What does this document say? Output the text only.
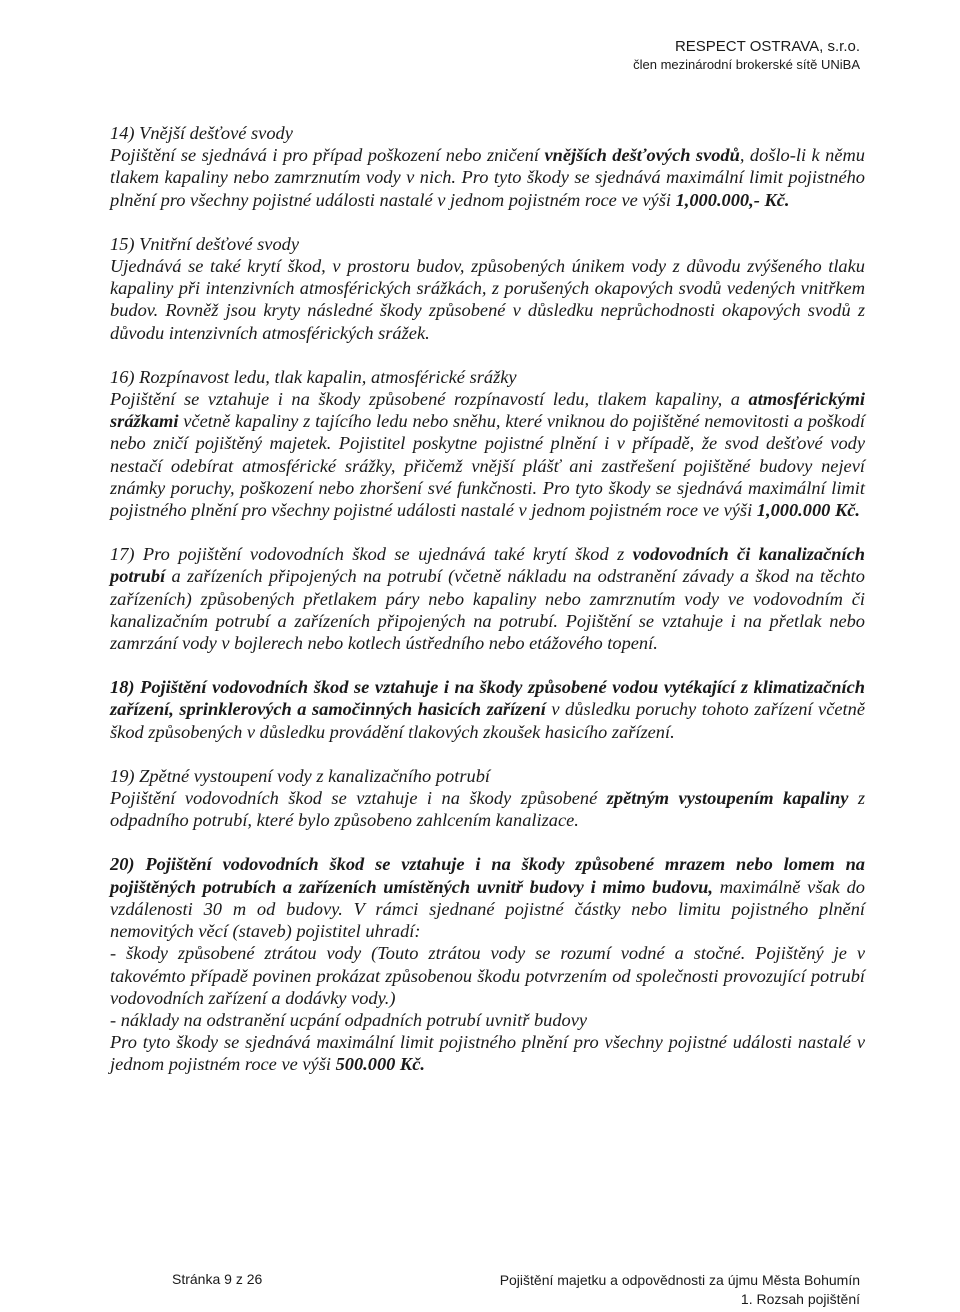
RESPECT OSTRAVA, s.r.o.
člen mezinárodní brokerské sítě UNiBA
14) Vnější dešťové svody

Pojištění se sjednává i pro případ poškození nebo zničení vnějších dešťových svodů, došlo-li k němu tlakem kapaliny nebo zamrznutím vody v nich. Pro tyto škody se sjednává maximální limit pojistného plnění pro všechny pojistné události nastalé v jednom pojistném roce ve výši 1,000.000,- Kč.

15) Vnitřní dešťové svody

Ujednává se také krytí škod, v prostoru budov, způsobených únikem vody z důvodu zvýšeného tlaku kapaliny při intenzivních atmosférických srážkách, z porušených okapových svodů vedených vnitřkem budov. Rovněž jsou kryty následné škody způsobené v důsledku neprůchodnosti okapových svodů z důvodu intenzivních atmosférických srážek.

16) Rozpínavost ledu, tlak kapalin, atmosférické srážky

Pojištění se vztahuje i na škody způsobené rozpínavostí ledu, tlakem kapaliny, a atmosférickými srážkami včetně kapaliny z tajícího ledu nebo sněhu, které vniknou do pojištěné nemovitosti a poškodí nebo zničí pojištěný majetek. Pojistitel poskytne pojistné plnění i v případě, že svod dešťové vody nestačí odebírat atmosférické srážky, přičemž vnější plášť ani zastřešení pojištěné budovy nejeví známky poruchy, poškození nebo zhoršení své funkčnosti. Pro tyto škody se sjednává maximální limit pojistného plnění pro všechny pojistné události nastalé v jednom pojistném roce ve výši 1,000.000 Kč.

17) Pro pojištění vodovodních škod se ujednává také krytí škod z vodovodních či kanalizačních potrubí a zařízeních připojených na potrubí (včetně nákladu na odstranění závady a škod na těchto zařízeních) způsobených přetlakem páry nebo kapaliny nebo zamrznutím vody ve vodovodním či kanalizačním potrubí a zařízeních připojených na potrubí. Pojištění se vztahuje i na přetlak nebo zamrzání vody v bojlerech nebo kotlech ústředního nebo etážového topení.

18) Pojištění vodovodních škod se vztahuje i na škody způsobené vodou vytékající z klimatizačních zařízení, sprinklerových a samočinných hasicích zařízení v důsledku poruchy tohoto zařízení včetně škod způsobených v důsledku provádění tlakových zkoušek hasicího zařízení.

19) Zpětné vystoupení vody z kanalizačního potrubí

Pojištění vodovodních škod se vztahuje i na škody způsobené zpětným vystoupením kapaliny z odpadního potrubí, které bylo způsobeno zahlcením kanalizace.

20) Pojištění vodovodních škod se vztahuje i na škody způsobené mrazem nebo lomem na pojištěných potrubích a zařízeních umístěných uvnitř budovy i mimo budovu, maximálně však do vzdálenosti 30 m od budovy. V rámci sjednané pojistné částky nebo limitu pojistného plnění nemovitých věcí (staveb) pojistitel uhradí:

- škody způsobené ztrátou vody (Touto ztrátou vody se rozumí vodné a stočné. Pojištěný je v takovémto případě povinen prokázat způsobenou škodu potvrzením od společnosti provozující potrubí vodovodních zařízení a dodávky vody.)

- náklady na odstranění ucpání odpadních potrubí uvnitř budovy

Pro tyto škody se sjednává maximální limit pojistného plnění pro všechny pojistné události nastalé v jednom pojistném roce ve výši 500.000 Kč.

Stránka 9 z 26	Pojištění majetku a odpovědnosti za újmu Města Bohumín
1. Rozsah pojištění
